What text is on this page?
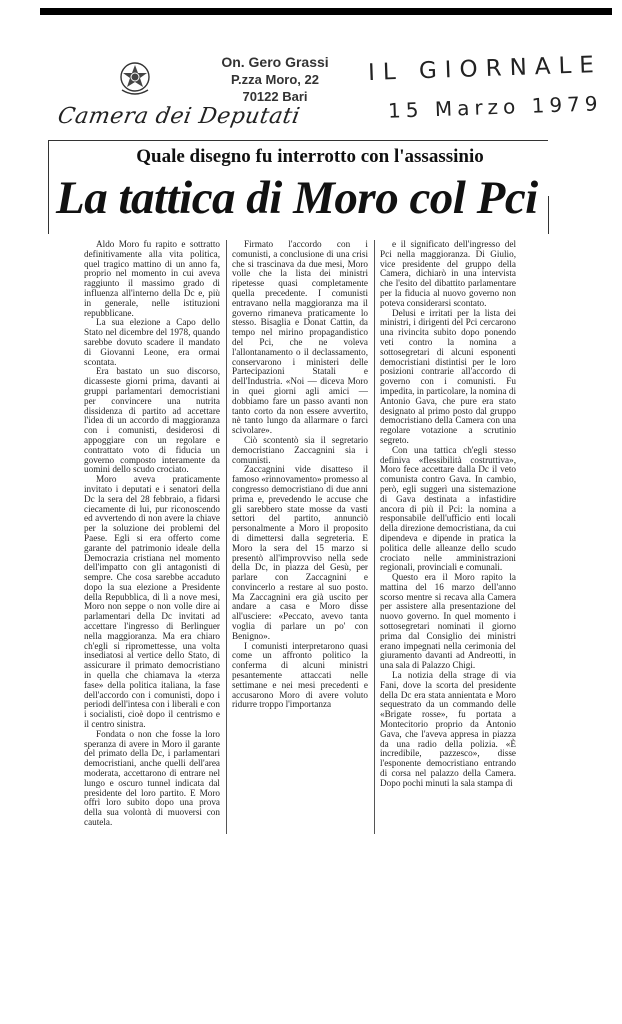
Camera dei Deputati
On. Gero Grassi
P.zza Moro, 22
70122 Bari
IL GIORNALE
15 Marzo 1979
Quale disegno fu interrotto con l'assassinio
La tattica di Moro col Pci

Aldo Moro fu rapito e sottratto definitivamente alla vita politica, quel tragico mattino di un anno fa, proprio nel momento in cui aveva raggiunto il massimo grado di influenza all'interno della Dc e, più in generale, nelle istituzioni repubblicane.

La sua elezione a Capo dello Stato nel dicembre del 1978, quando sarebbe dovuto scadere il mandato di Giovanni Leone, era ormai scontata.

Era bastato un suo discorso, dicasseste giorni prima, davanti ai gruppi parlamentari democristiani per convincere una nutrita dissidenza di partito ad accettare l'idea di un accordo di maggioranza con i comunisti, desiderosi di appoggiare con un regolare e contrattato voto di fiducia un governo composto interamente da uomini dello scudo crociato.

Moro aveva praticamente invitato i deputati e i senatori della Dc la sera del 28 febbraio, a fidarsi ciecamente di lui, pur riconoscendo ed avvertendo di non avere la chiave per la soluzione dei problemi del Paese. Egli si era offerto come garante del patrimonio ideale della Democrazia cristiana nel momento dell'impatto con gli antagonisti di sempre. Che cosa sarebbe accaduto dopo la sua elezione a Presidente della Repubblica, di lì a nove mesi, Moro non seppe o non volle dire ai parlamentari della Dc invitati ad accettare l'ingresso di Berlinguer nella maggioranza. Ma era chiaro ch'egli si ripromettesse, una volta insediatosi al vertice dello Stato, di assicurare il primato democristiano in quella che chiamava la «terza fase» della politica italiana, la fase dell'accordo con i comunisti, dopo i periodi dell'intesa con i liberali e con i socialisti, cioè dopo il centrismo e il centro sinistra.

Fondata o non che fosse la loro speranza di avere in Moro il garante del primato della Dc, i parlamentari democristiani, anche quelli dell'area moderata, accettarono di entrare nel lungo e oscuro tunnel indicata dal presidente del loro partito. E Moro offrì loro subito dopo una prova della sua volontà di muoversi con cautela.

Firmato l'accordo con i comunisti, a conclusione di una crisi che si trascinava da due mesi, Moro volle che la lista dei ministri ripetesse quasi completamente quella precedente. I comunisti entravano nella maggioranza ma il governo rimaneva praticamente lo stesso. Bisaglia e Donat Cattin, da tempo nel mirino propagandistico del Pci, che ne voleva l'allontanamento o il declassamento, conservarono i ministeri delle Partecipazioni Statali e dell'Industria. «Noi — diceva Moro in quei giorni agli amici — dobbiamo fare un passo avanti non tanto corto da non essere avvertito, nè tanto lungo da allarmare o farci scivolare».

Ciò scontentò sia il segretario democristiano Zaccagnini sia i comunisti.

Zaccagnini vide disatteso il famoso «rinnovamento» promesso al congresso democristiano di due anni prima e, prevedendo le accuse che gli sarebbero state mosse da vasti settori del partito, annunciò personalmente a Moro il proposito di dimettersi dalla segreteria. E Moro la sera del 15 marzo si presentò all'improvviso nella sede della Dc, in piazza del Gesù, per parlare con Zaccagnini e convincerlo a restare al suo posto. Ma Zaccagnini era già uscito per andare a casa e Moro disse all'usciere: «Peccato, avevo tanta voglia di parlare un po' con Benigno».

I comunisti interpretarono quasi come un affronto politico la conferma di alcuni ministri pesantemente attaccati nelle settimane e nei mesi precedenti e accusarono Moro di avere voluto ridurre troppo l'importanza

e il significato dell'ingresso del Pci nella maggioranza. Di Giulio, vice presidente del gruppo della Camera, dichiarò in una intervista che l'esito del dibattito parlamentare per la fiducia al nuovo governo non poteva considerarsi scontato.

Delusi e irritati per la lista dei ministri, i dirigenti del Pci cercarono una rivincita subito dopo ponendo veti contro la nomina a sottosegretari di alcuni esponenti democristiani distintisi per le loro posizioni contrarie all'accordo di governo con i comunisti. Fu impedita, in particolare, la nomina di Antonio Gava, che pure era stato designato al primo posto dal gruppo democristiano della Camera con una regolare votazione a scrutinio segreto.

Con una tattica ch'egli stesso definiva «flessibilità costruttiva», Moro fece accettare dalla Dc il veto comunista contro Gava. In cambio, però, egli suggerì una sistemazione di Gava destinata a infastidire ancora di più il Pci: la nomina a responsabile dell'ufficio enti locali della direzione democristiana, da cui dipendeva e dipende in pratica la politica delle alleanze dello scudo crociato nelle amministrazioni regionali, provinciali e comunali.

Questo era il Moro rapito la mattina del 16 marzo dell'anno scorso mentre si recava alla Camera per assistere alla presentazione del nuovo governo. In quel momento i sottosegretari nominati il giorno prima dal Consiglio dei ministri erano impegnati nella cerimonia del giuramento davanti ad Andreotti, in una sala di Palazzo Chigi.

La notizia della strage di via Fani, dove la scorta del presidente della Dc era stata annientata e Moro sequestrato da un commando delle «Brigate rosse», fu portata a Montecitorio proprio da Antonio Gava, che l'aveva appresa in piazza da una radio della polizia. «È incredibile, pazzesco», disse l'esponente democristiano entrando di corsa nel palazzo della Camera. Dopo pochi minuti la sala stampa di
